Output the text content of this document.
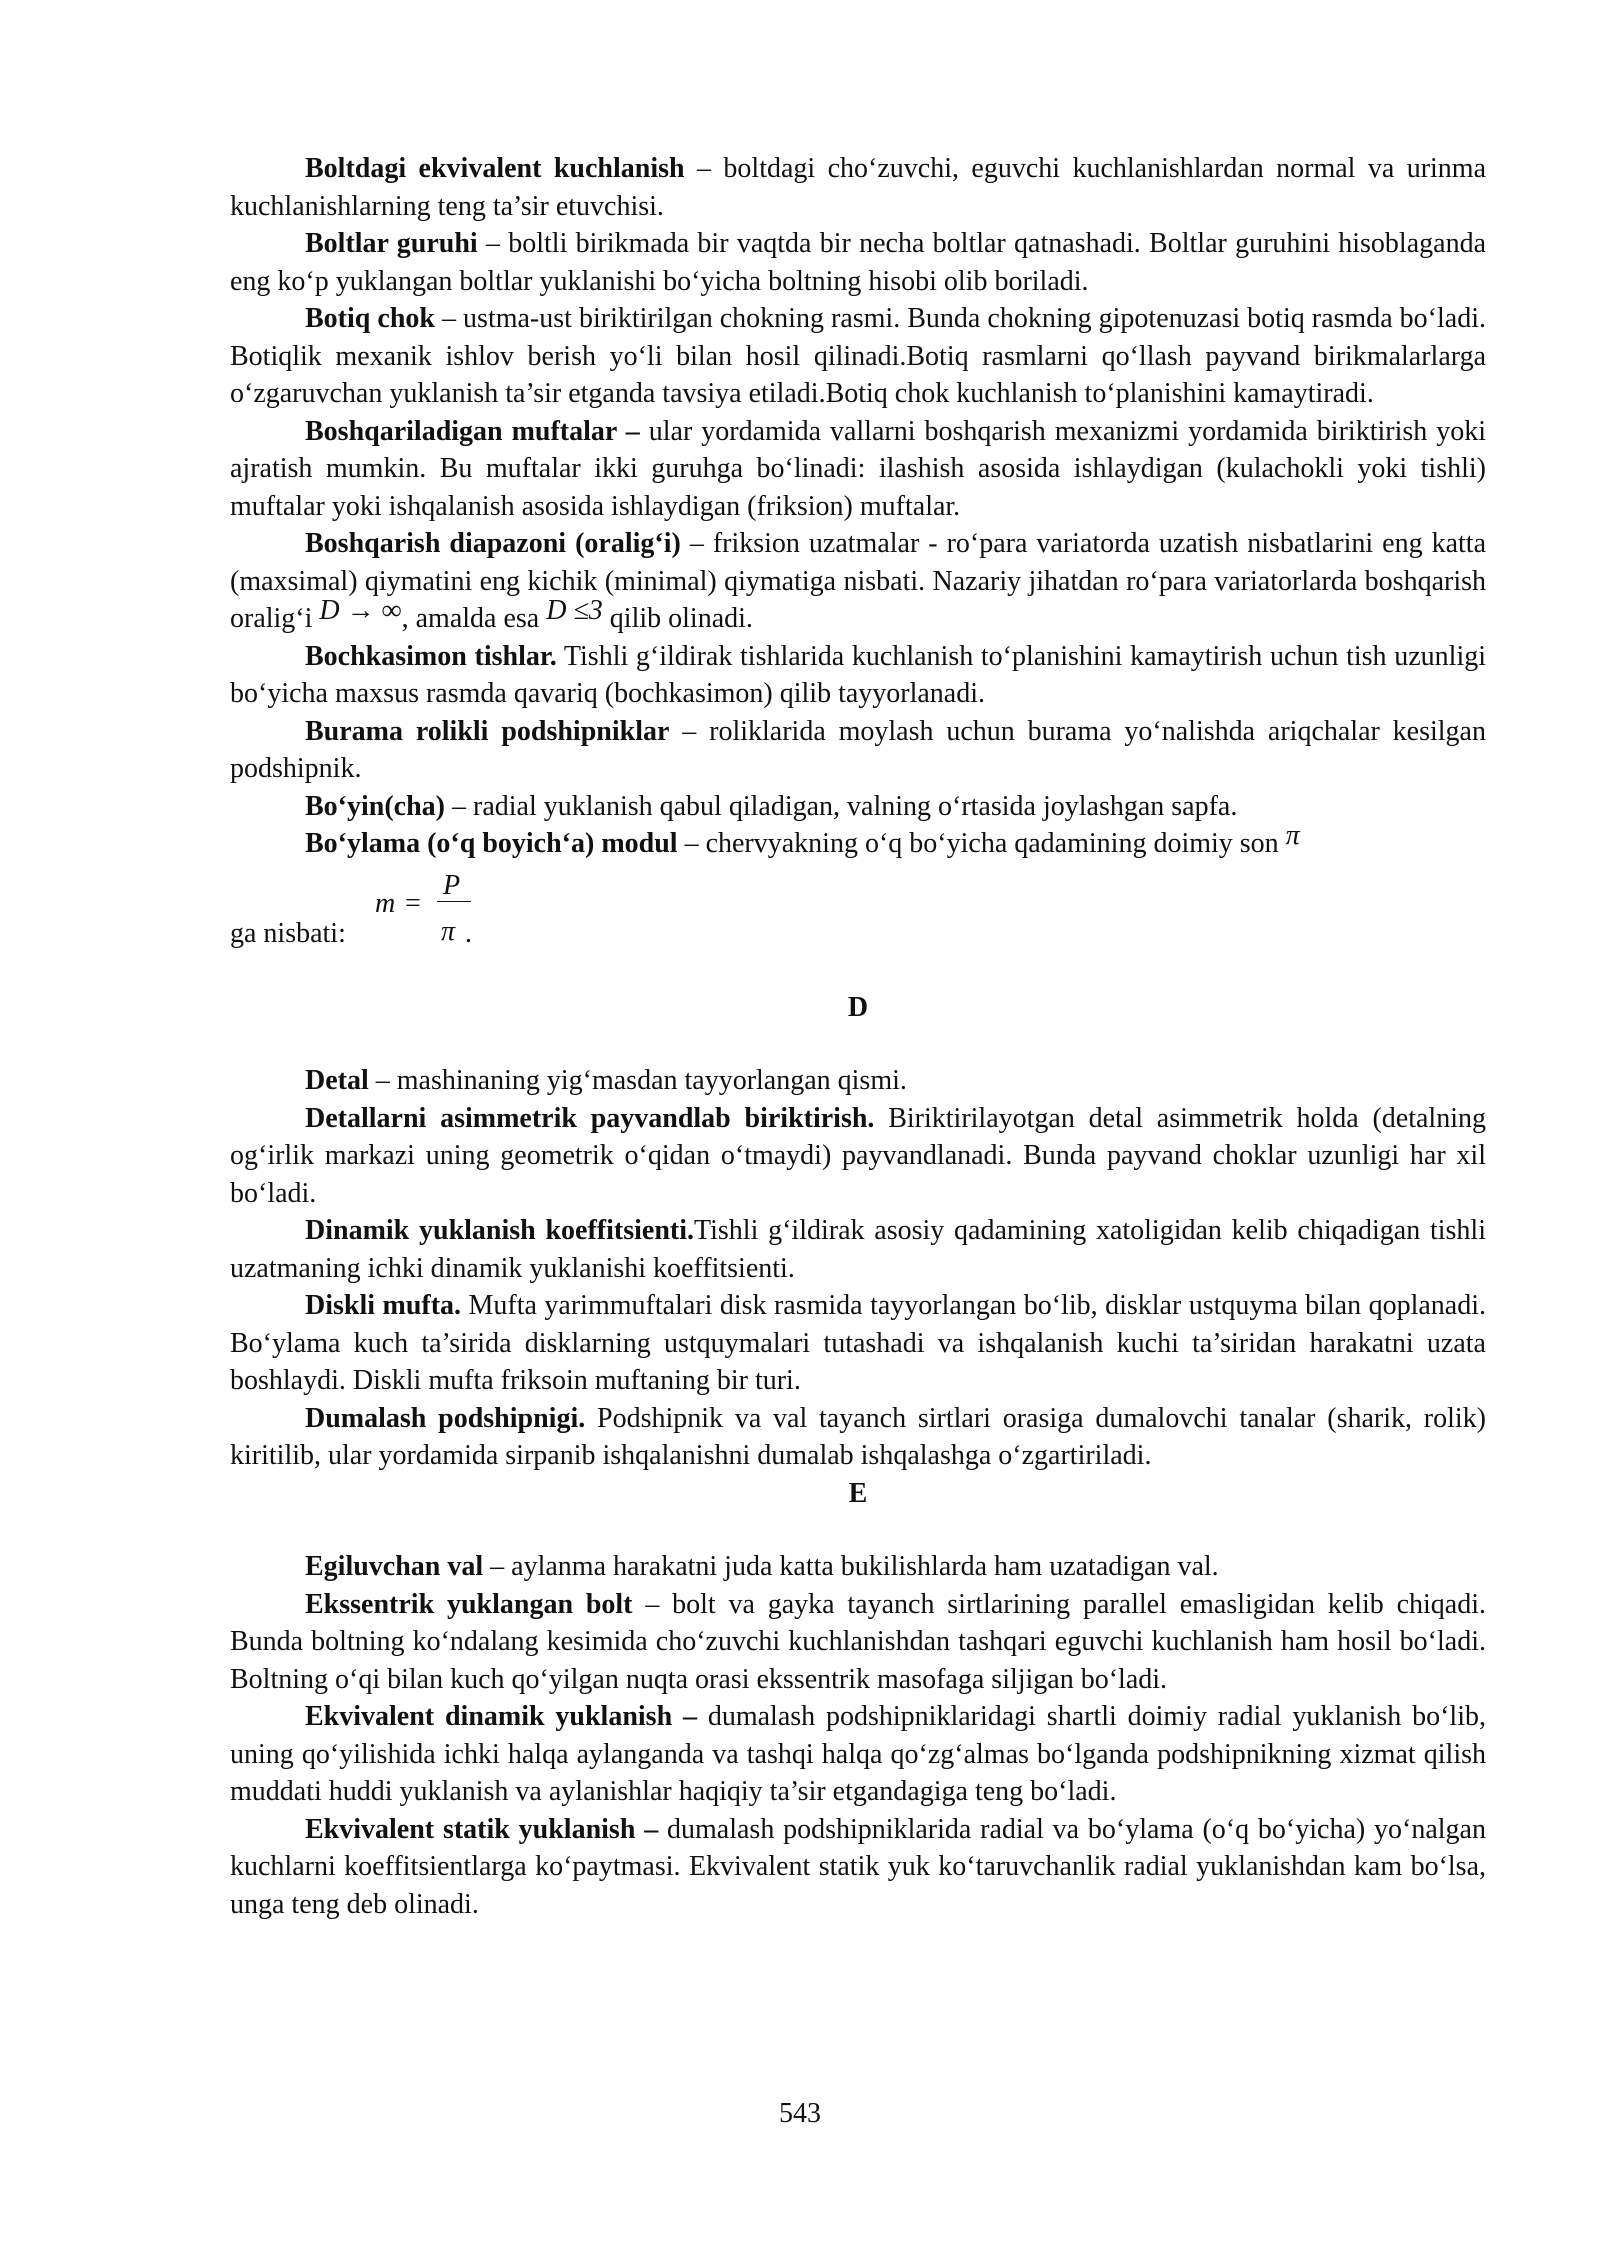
Boltdagi ekvivalent kuchlanish – boltdagi cho‘zuvchi, eguvchi kuchlanishlardan normal va urinma kuchlanishlarning teng ta’sir etuvchisi.

Boltlar guruhi – boltli birikmada bir vaqtda bir necha boltlar qatnashadi. Boltlar guruhini hisoblaganda eng ko‘p yuklangan boltlar yuklanishi bo‘yicha boltning hisobi olib boriladi.

Botiq chok – ustma-ust biriktirilgan chokning rasmi. Bunda chokning gipotenuzasi botiq rasmda bo‘ladi. Botiqlik mexanik ishlov berish yo‘li bilan hosil qilinadi.Botiq rasmlarni qo‘llash payvand birikmalarlarga o‘zgaruvchan yuklanish ta’sir etganda tavsiya etiladi.Botiq chok kuchlanish to‘planishini kamaytiradi.

Boshqariladigan muftalar – ular yordamida vallarni boshqarish mexanizmi yordamida biriktirish yoki ajratish mumkin. Bu muftalar ikki guruhga bo‘linadi: ilashish asosida ishlaydigan (kulachokli yoki tishli) muftalar yoki ishqalanish asosida ishlaydigan (friksion) muftalar.

Boshqarish diapazoni (oralig‘i) – friksion uzatmalar - ro‘para variatorda uzatish nisbatlarini eng katta (maxsimal) qiymatini eng kichik (minimal) qiymatiga nisbati. Nazariy jihatdan ro‘para variatorlarda boshqarish oralig‘i D → ∞, amalda esa D ≤3 qilib olinadi.

Bochkasimon tishlar. Tishli g‘ildirak tishlarida kuchlanish to‘planishini kamaytirish uchun tish uzunligi bo‘yicha maxsus rasmda qavariq (bochkasimon) qilib tayyorlanadi.

Burama rolikli podshipniklar – roliklarida moylash uchun burama yo‘nalishda ariqchalar kesilgan podshipnik.

Bo‘yin(cha) – radial yuklanish qabul qiladigan, valning o‘rtasida joylashgan sapfa.

Bo‘ylama (o‘q boyich‘a) modul – chervyakning o‘q bo‘yicha qadamining doimiy son π

ga nisbati:
m =
P
π .

D

Detal – mashinaning yig‘masdan tayyorlangan qismi.

Detallarni asimmetrik payvandlab biriktirish. Biriktirilayotgan detal asimmetrik holda (detalning og‘irlik markazi uning geometrik o‘qidan o‘tmaydi) payvandlanadi. Bunda payvand choklar uzunligi har xil bo‘ladi.

Dinamik yuklanish koeffitsienti.Tishli g‘ildirak asosiy qadamining xatoligidan kelib chiqadigan tishli uzatmaning ichki dinamik yuklanishi koeffitsienti.

Diskli mufta. Mufta yarimmuftalari disk rasmida tayyorlangan bo‘lib, disklar ustquyma bilan qoplanadi. Bo‘ylama kuch ta’sirida disklarning ustquymalari tutashadi va ishqalanish kuchi ta’siridan harakatni uzata boshlaydi. Diskli mufta friksoin muftaning bir turi.

Dumalash podshipnigi. Podshipnik va val tayanch sirtlari orasiga dumalovchi tanalar (sharik, rolik) kiritilib, ular yordamida sirpanib ishqalanishni dumalab ishqalashga o‘zgartiriladi.

E

Egiluvchan val – aylanma harakatni juda katta bukilishlarda ham uzatadigan val.

Ekssentrik yuklangan bolt – bolt va gayka tayanch sirtlarining parallel emasligidan kelib chiqadi. Bunda boltning ko‘ndalang kesimida cho‘zuvchi kuchlanishdan tashqari eguvchi kuchlanish ham hosil bo‘ladi. Boltning o‘qi bilan kuch qo‘yilgan nuqta orasi ekssentrik masofaga siljigan bo‘ladi.

Ekvivalent dinamik yuklanish – dumalash podshipniklaridagi shartli doimiy radial yuklanish bo‘lib, uning qo‘yilishida ichki halqa aylanganda va tashqi halqa qo‘zg‘almas bo‘lganda podshipnikning xizmat qilish muddati huddi yuklanish va aylanishlar haqiqiy ta’sir etgandagiga teng bo‘ladi.

Ekvivalent statik yuklanish – dumalash podshipniklarida radial va bo‘ylama (o‘q bo‘yicha) yo‘nalgan kuchlarni koeffitsientlarga ko‘paytmasi. Ekvivalent statik yuk ko‘taruvchanlik radial yuklanishdan kam bo‘lsa, unga teng deb olinadi.

543
